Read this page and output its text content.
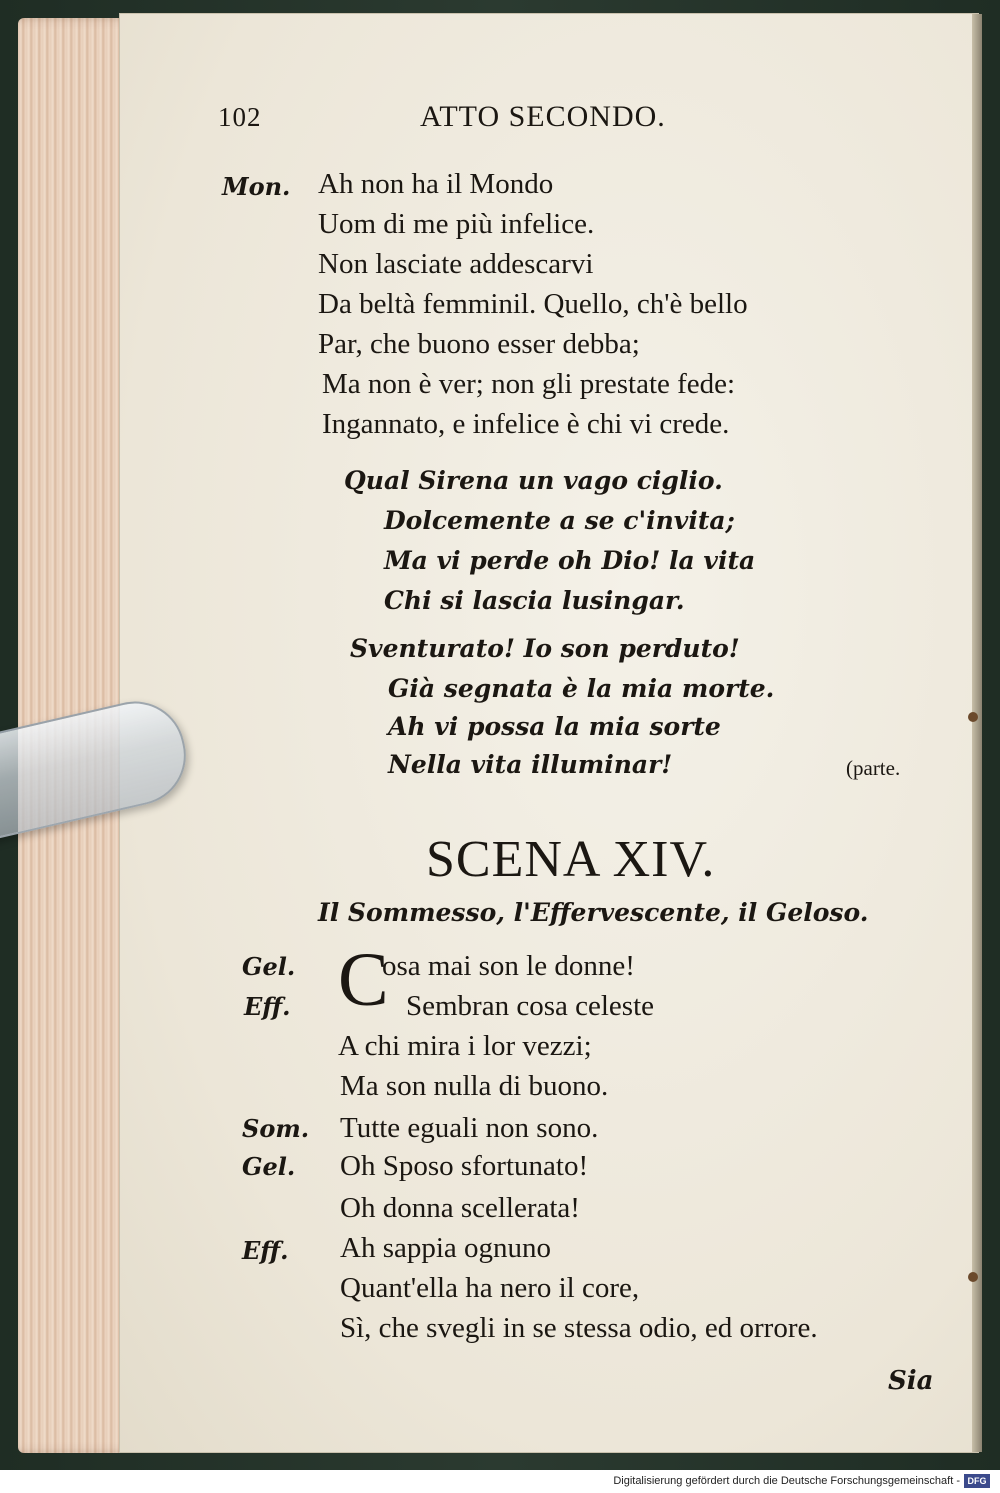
102	ATTO SECONDO.
Mon. Ah non ha il Mondo
Uom di me più infelice.
Non lasciate addescarvi
Da beltà femminil. Quello, ch'è bello
Par, che buono esser debba;
Ma non è ver; non gli prestate fede:
Ingannato, e infelice è chi vi crede.
Qual Sirena un vago ciglio.
Dolcemente a se c'invita;
Ma vi perde oh Dio! la vita
Chi si lascia lusingar.
Sventurato! Io son perduto!
Già segnata è la mia morte.
Ah vi possa la mia sorte
Nella vita illuminar!	(parte.
SCENA XIV.
Il Sommesso, l'Effervescente, il Geloso.
C
Gel.	osa mai son le donne!
Eff.	Sembran cosa celeste
A chi mira i lor vezzi;
Ma son nulla di buono.
Som. Tutte eguali non sono.
Gel. Oh Sposo sfortunato!
Oh donna scellerata!
Eff. Ah sappia ognuno
Quant'ella ha nero il core,
Sì, che svegli in se stessa odio, ed orrore.
Sia
Digitalisierung gefördert durch die Deutsche Forschungsgemeinschaft - DFG
